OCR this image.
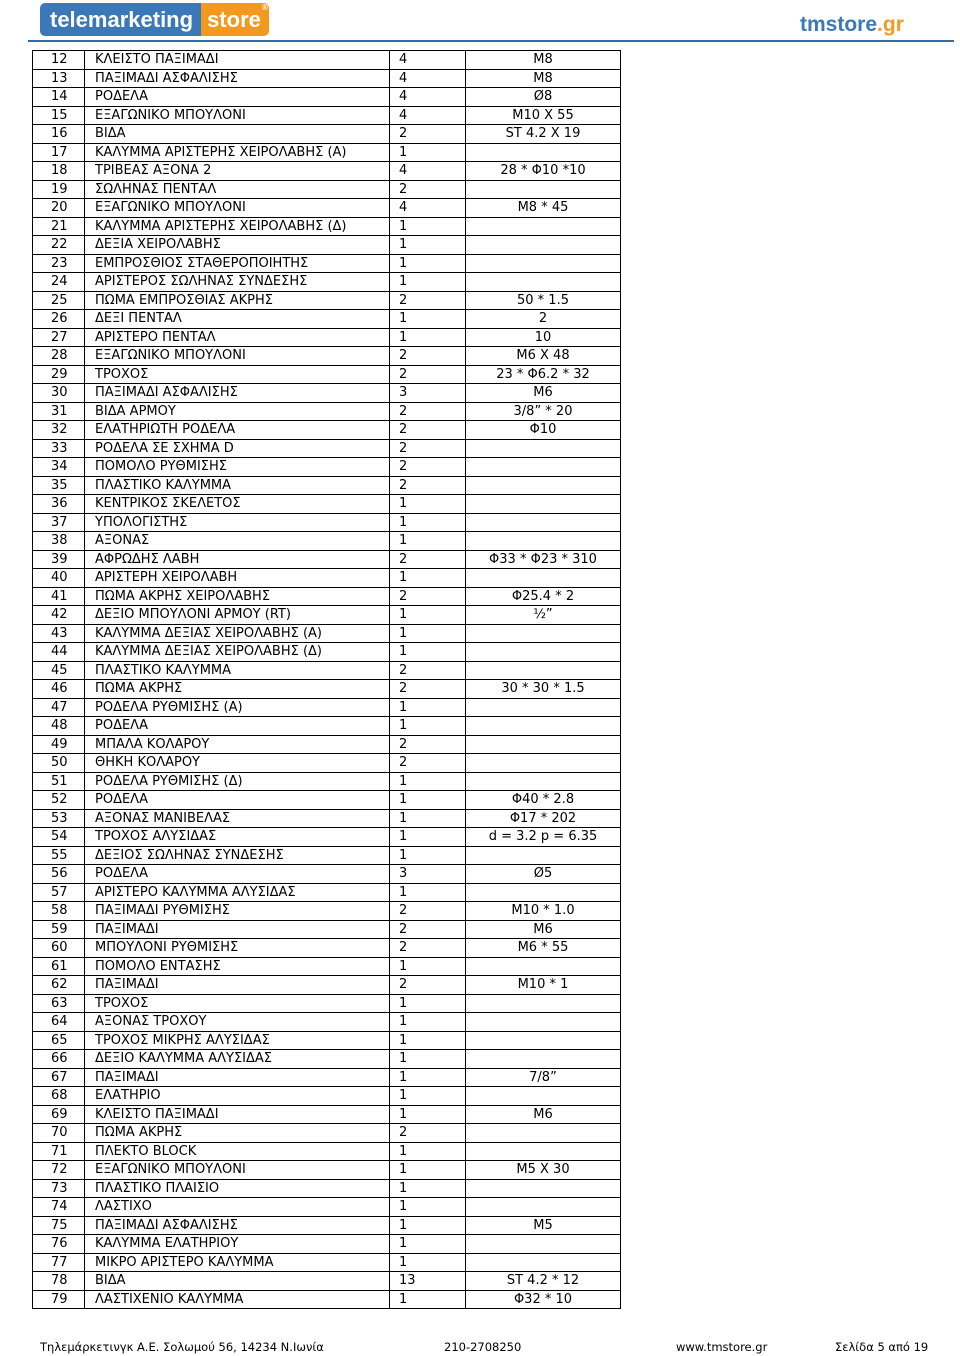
telemarketing store ®
tmstore.gr
12	ΚΛΕΙΣΤΟ ΠΑΞΙΜΑΔΙ	4	M8
13	ΠΑΞΙΜΑΔΙ ΑΣΦΑΛΙΣΗΣ	4	M8
14	ΡΟΔΕΛΑ	4	Ø8
15	ΕΞΑΓΩΝΙΚΟ ΜΠΟΥΛΟΝΙ	4	M10 X 55
16	ΒΙΔΑ	2	ST 4.2 X 19
17	ΚΑΛΥΜΜΑ ΑΡΙΣΤΕΡΗΣ ΧΕΙΡΟΛΑΒΗΣ (Α)	1	
18	ΤΡΙΒΕΑΣ ΑΞΟΝΑ 2	4	28 * Φ10 *10
19	ΣΩΛΗΝΑΣ ΠΕΝΤΑΛ	2	
20	ΕΞΑΓΩΝΙΚΟ ΜΠΟΥΛΟΝΙ	4	M8 * 45
21	ΚΑΛΥΜΜΑ ΑΡΙΣΤΕΡΗΣ ΧΕΙΡΟΛΑΒΗΣ (Δ)	1	
22	ΔΕΞΙΑ ΧΕΙΡΟΛΑΒΗΣ	1	
23	ΕΜΠΡΟΣΘΙΟΣ ΣΤΑΘΕΡΟΠΟΙΗΤΗΣ	1	
24	ΑΡΙΣΤΕΡΟΣ ΣΩΛΗΝΑΣ ΣΥΝΔΕΣΗΣ	1	
25	ΠΩΜΑ ΕΜΠΡΟΣΘΙΑΣ ΑΚΡΗΣ	2	50 * 1.5
26	ΔΕΞΙ ΠΕΝΤΑΛ	1	2
27	ΑΡΙΣΤΕΡΟ ΠΕΝΤΑΛ	1	10
28	ΕΞΑΓΩΝΙΚΟ ΜΠΟΥΛΟΝΙ	2	M6 X 48
29	ΤΡΟΧΟΣ	2	23 * Φ6.2 * 32
30	ΠΑΞΙΜΑΔΙ ΑΣΦΑΛΙΣΗΣ	3	M6
31	ΒΙΔΑ ΑΡΜΟΥ	2	3/8” * 20
32	ΕΛΑΤΗΡΙΩΤΗ ΡΟΔΕΛΑ	2	Φ10
33	ΡΟΔΕΛΑ ΣΕ ΣΧΗΜΑ D	2	
34	ΠΟΜΟΛΟ ΡΥΘΜΙΣΗΣ	2	
35	ΠΛΑΣΤΙΚΟ ΚΑΛΥΜΜΑ	2	
36	ΚΕΝΤΡΙΚΟΣ ΣΚΕΛΕΤΟΣ	1	
37	ΥΠΟΛΟΓΙΣΤΗΣ	1	
38	ΑΞΟΝΑΣ	1	
39	ΑΦΡΩΔΗΣ ΛΑΒΗ	2	Φ33 * Φ23 * 310
40	ΑΡΙΣΤΕΡΗ ΧΕΙΡΟΛΑΒΗ	1	
41	ΠΩΜΑ ΑΚΡΗΣ ΧΕΙΡΟΛΑΒΗΣ	2	Φ25.4 * 2
42	ΔΕΞΙΟ ΜΠΟΥΛΟΝΙ ΑΡΜΟΥ (RT)	1	½”
43	ΚΑΛΥΜΜΑ ΔΕΞΙΑΣ ΧΕΙΡΟΛΑΒΗΣ (Α)	1	
44	ΚΑΛΥΜΜΑ ΔΕΞΙΑΣ ΧΕΙΡΟΛΑΒΗΣ (Δ)	1	
45	ΠΛΑΣΤΙΚΟ ΚΑΛΥΜΜΑ	2	
46	ΠΩΜΑ ΑΚΡΗΣ	2	30 * 30 * 1.5
47	ΡΟΔΕΛΑ ΡΥΘΜΙΣΗΣ (Α)	1	
48	ΡΟΔΕΛΑ	1	
49	ΜΠΑΛΑ ΚΟΛΑΡΟΥ	2	
50	ΘΗΚΗ ΚΟΛΑΡΟΥ	2	
51	ΡΟΔΕΛΑ ΡΥΘΜΙΣΗΣ (Δ)	1	
52	ΡΟΔΕΛΑ	1	Φ40 * 2.8
53	ΑΞΟΝΑΣ ΜΑΝΙΒΕΛΑΣ	1	Φ17 * 202
54	ΤΡΟΧΟΣ ΑΛΥΣΙΔΑΣ	1	d = 3.2 p = 6.35
55	ΔΕΞΙΟΣ ΣΩΛΗΝΑΣ ΣΥΝΔΕΣΗΣ	1	
56	ΡΟΔΕΛΑ	3	Ø5
57	ΑΡΙΣΤΕΡΟ ΚΑΛΥΜΜΑ ΑΛΥΣΙΔΑΣ	1	
58	ΠΑΞΙΜΑΔΙ ΡΥΘΜΙΣΗΣ	2	M10 * 1.0
59	ΠΑΞΙΜΑΔΙ	2	M6
60	ΜΠΟΥΛΟΝΙ ΡΥΘΜΙΣΗΣ	2	M6 * 55
61	ΠΟΜΟΛΟ ΕΝΤΑΣΗΣ	1	
62	ΠΑΞΙΜΑΔΙ	2	M10 * 1
63	ΤΡΟΧΟΣ	1	
64	ΑΞΟΝΑΣ ΤΡΟΧΟΥ	1	
65	ΤΡΟΧΟΣ ΜΙΚΡΗΣ ΑΛΥΣΙΔΑΣ	1	
66	ΔΕΞΙΟ ΚΑΛΥΜΜΑ ΑΛΥΣΙΔΑΣ	1	
67	ΠΑΞΙΜΑΔΙ	1	7/8”
68	ΕΛΑΤΗΡΙΟ	1	
69	ΚΛΕΙΣΤΟ ΠΑΞΙΜΑΔΙ	1	M6
70	ΠΩΜΑ ΑΚΡΗΣ	2	
71	ΠΛΕΚΤΟ BLOCK	1	
72	ΕΞΑΓΩΝΙΚΟ ΜΠΟΥΛΟΝΙ	1	M5 X 30
73	ΠΛΑΣΤΙΚΟ ΠΛΑΙΣΙΟ	1	
74	ΛΑΣΤΙΧΟ	1	
75	ΠΑΞΙΜΑΔΙ ΑΣΦΑΛΙΣΗΣ	1	M5
76	ΚΑΛΥΜΜΑ ΕΛΑΤΗΡΙΟΥ	1	
77	ΜΙΚΡΟ ΑΡΙΣΤΕΡΟ ΚΑΛΥΜΜΑ	1	
78	ΒΙΔΑ	13	ST 4.2 * 12
79	ΛΑΣΤΙΧΕΝΙΟ ΚΑΛΥΜΜΑ	1	Φ32 * 10
Τηλεμάρκετινγκ Α.Ε. Σολωμού 56, 14234 Ν.Ιωνία	210-2708250	www.tmstore.gr	Σελίδα 5 από 19
